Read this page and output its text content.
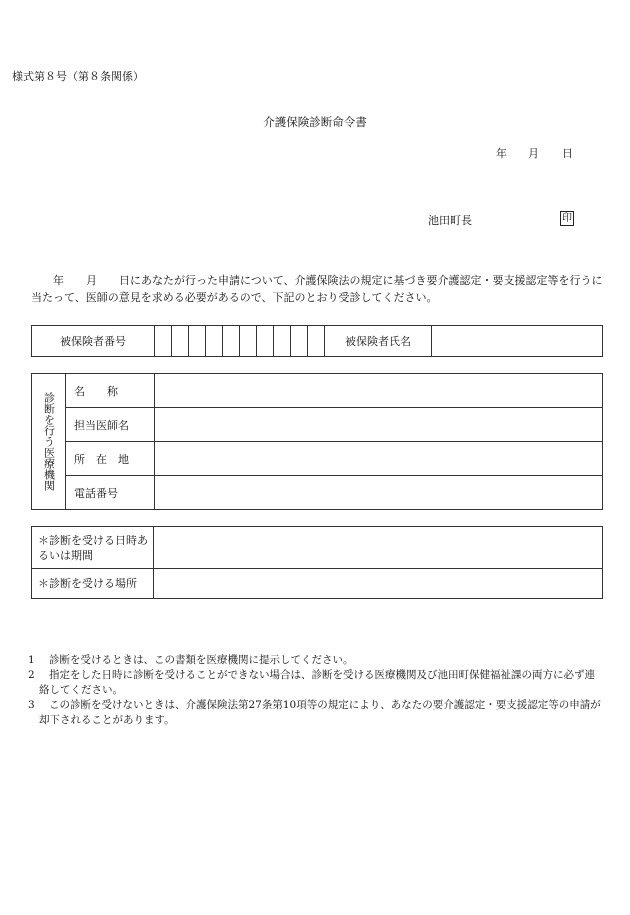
様式第８号（第８条関係）
介護保険診断命令書
年 月 日
池田町長	印
　　年　　月　　日にあなたが行った申請について、介護保険法の規定に基づき要介護認定・要支援認定等を行うに当たって、医師の意見を求める必要があるので、下記のとおり受診してください。
被保険者番号											被保険者氏名	
診断を行う医療機関	名　　称	
	担当医師名	
	所　在　地	
	電話番号	
＊診断を受ける日時あるいは期間	
＊診断を受ける場所	
1 診断を受けるときは、この書類を医療機関に提示してください。
2 指定をした日時に診断を受けることができない場合は、診断を受ける医療機関及び池田町保健福祉課の両方に必ず連絡してください。
3 この診断を受けないときは、介護保険法第27条第10項等の規定により、あなたの要介護認定・要支援認定等の申請が却下されることがあります。
